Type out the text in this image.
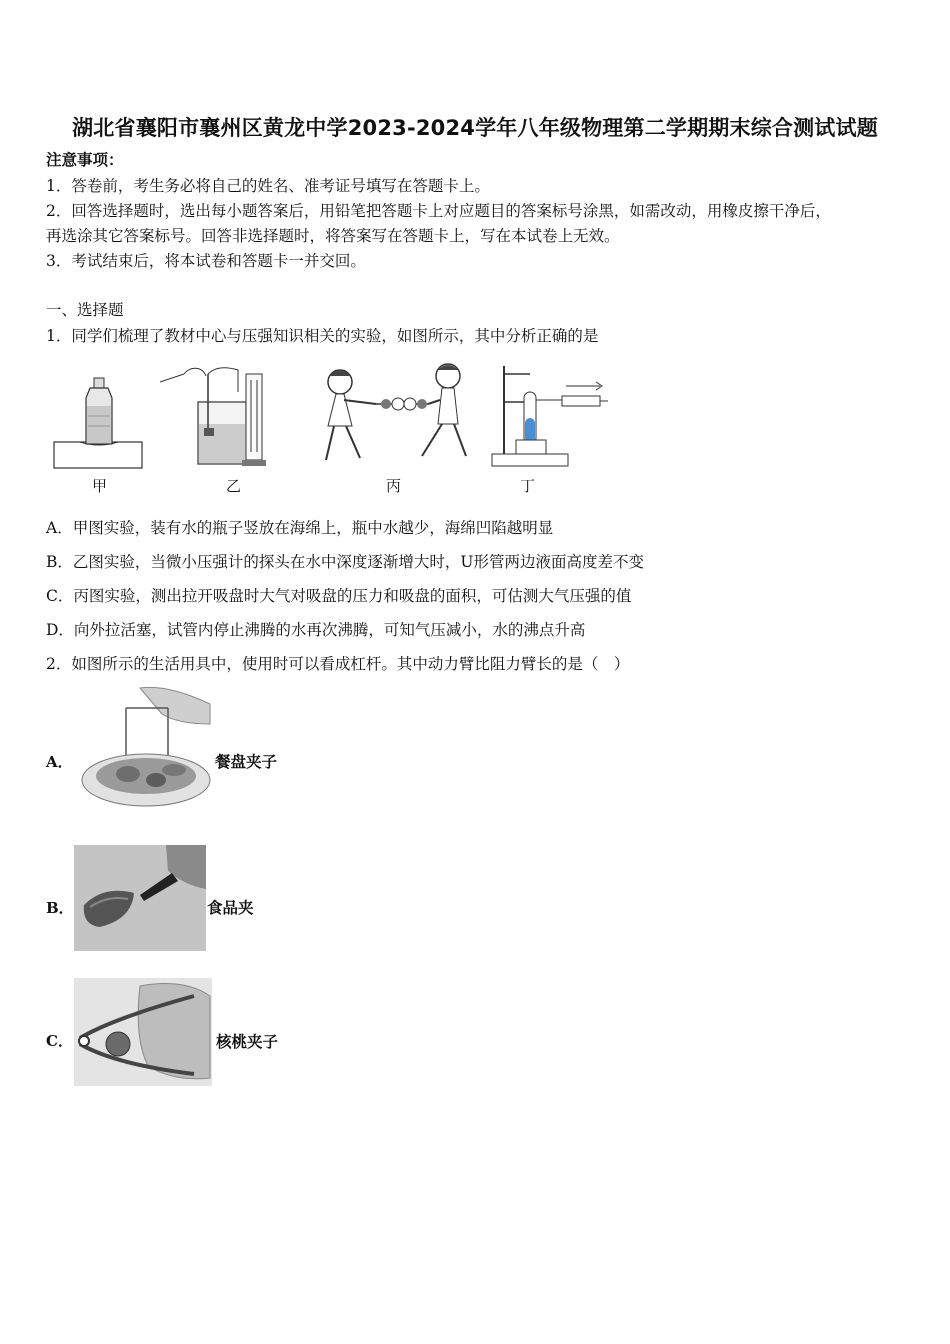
湖北省襄阳市襄州区黄龙中学2023-2024学年八年级物理第二学期期末综合测试试题
注意事项：
1．答卷前，考生务必将自己的姓名、准考证号填写在答题卡上。
2．回答选择题时，选出每小题答案后，用铅笔把答题卡上对应题目的答案标号涂黑，如需改动，用橡皮擦干净后，
再选涂其它答案标号。回答非选择题时，将答案写在答题卡上，写在本试卷上无效。
3．考试结束后，将本试卷和答题卡一并交回。
一、选择题
1．同学们梳理了教材中心与压强知识相关的实验，如图所示，其中分析正确的是
甲	乙	丙	丁
A．甲图实验，装有水的瓶子竖放在海绵上，瓶中水越少，海绵凹陷越明显
B．乙图实验，当微小压强计的探头在水中深度逐渐增大时，U形管两边液面高度差不变
C．丙图实验，测出拉开吸盘时大气对吸盘的压力和吸盘的面积，可估测大气压强的值
D．向外拉活塞，试管内停止沸腾的水再次沸腾，可知气压减小，水的沸点升高
2．如图所示的生活用具中，使用时可以看成杠杆。其中动力臂比阻力臂长的是（　）
A．	餐盘夹子
B．	食品夹
C．	核桃夹子
